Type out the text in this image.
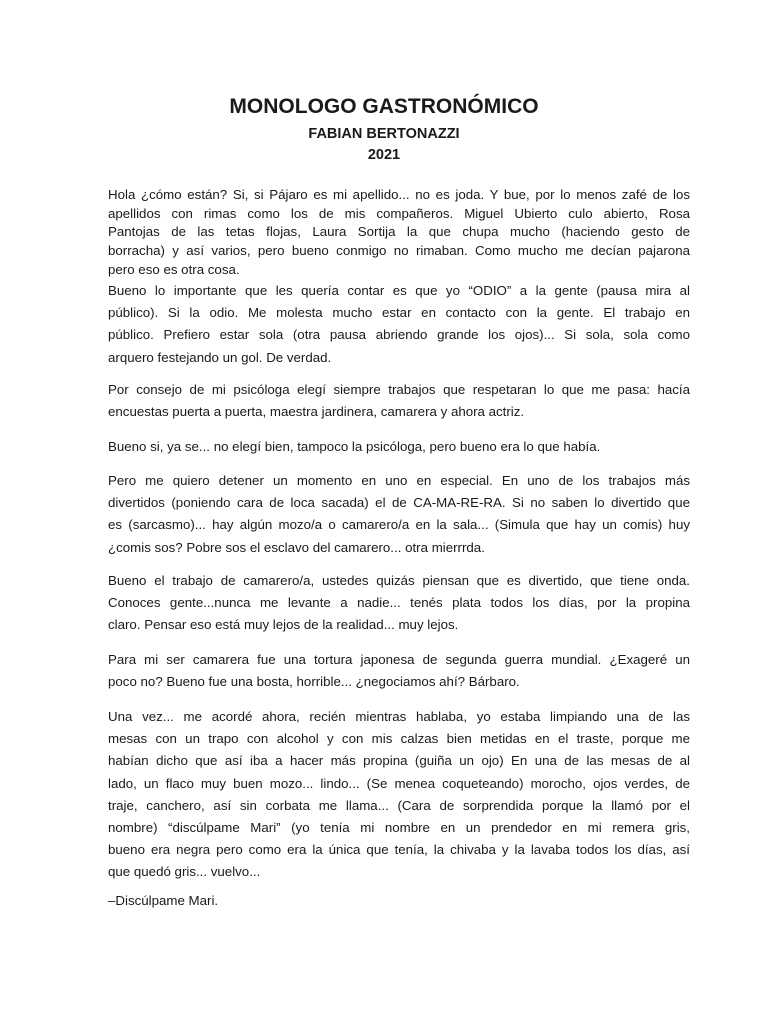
MONOLOGO GASTRONÓMICO
FABIAN BERTONAZZI
2021

Hola ¿cómo están? Si, si Pájaro es mi apellido... no es joda. Y bue, por lo menos zafé de los
apellidos con rimas como los de mis compañeros. Miguel Ubierto culo abierto, Rosa
Pantojas de las tetas flojas, Laura Sortija la que chupa mucho (haciendo gesto de
borracha) y así varios, pero bueno conmigo no rimaban. Como mucho me decían pajarona
pero eso es otra cosa.

Bueno lo importante que les quería contar es que yo “ODIO” a la gente (pausa mira al
público). Si la odio. Me molesta mucho estar en contacto con la gente. El trabajo en
público. Prefiero estar sola (otra pausa abriendo grande los ojos)... Si sola, sola como
arquero festejando un gol. De verdad.

Por consejo de mi psicóloga elegí siempre trabajos que respetaran lo que me pasa: hacía
encuestas puerta a puerta, maestra jardinera, camarera y ahora actriz.

Bueno si, ya se... no elegí bien, tampoco la psicóloga, pero bueno era lo que había.

Pero me quiero detener un momento en uno en especial. En uno de los trabajos más
divertidos (poniendo cara de loca sacada) el de CA-MA-RE-RA. Si no saben lo divertido que
es (sarcasmo)... hay algún mozo/a o camarero/a en la sala... (Simula que hay un comis) huy
¿comis sos? Pobre sos el esclavo del camarero... otra mierrrda.

Bueno el trabajo de camarero/a, ustedes quizás piensan que es divertido, que tiene onda.
Conoces gente...nunca me levante a nadie... tenés plata todos los días, por la propina
claro. Pensar eso está muy lejos de la realidad... muy lejos.

Para mi ser camarera fue una tortura japonesa de segunda guerra mundial. ¿Exageré un
poco no? Bueno fue una bosta, horrible... ¿negociamos ahí? Bárbaro.

Una vez... me acordé ahora, recién mientras hablaba, yo estaba limpiando una de las
mesas con un trapo con alcohol y con mis calzas bien metidas en el traste, porque me
habían dicho que así iba a hacer más propina (guiña un ojo) En una de las mesas de al
lado, un flaco muy buen mozo... lindo... (Se menea coqueteando) morocho, ojos verdes, de
traje, canchero, así sin corbata me llama... (Cara de sorprendida porque la llamó por el
nombre) “discúlpame Mari” (yo tenía mi nombre en un prendedor en mi remera gris,
bueno era negra pero como era la única que tenía, la chivaba y la lavaba todos los días, así
que quedó gris... vuelvo...

–Discúlpame Mari.
